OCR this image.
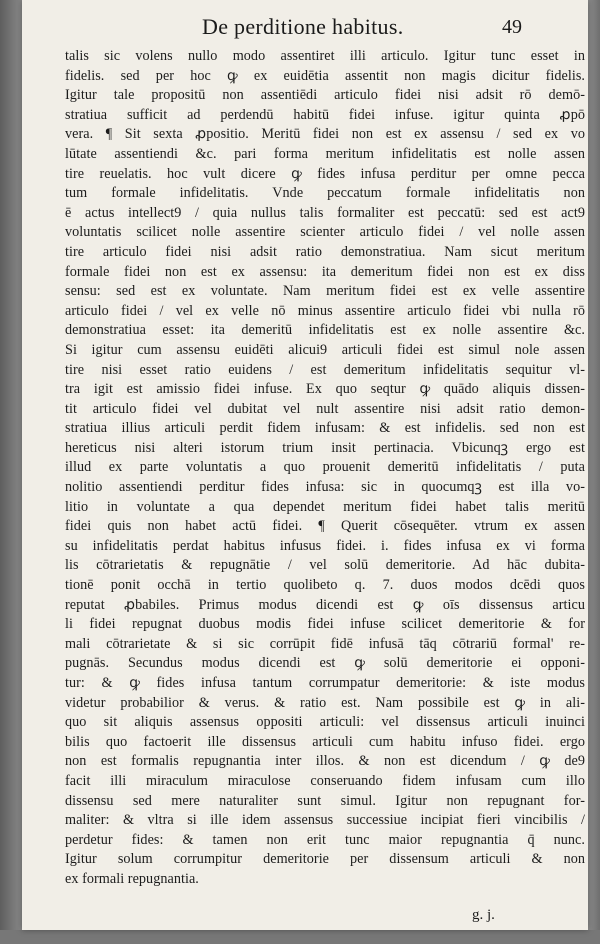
De perditione habitus.	49
talis sic volens nullo modo assentiret illi articulo. Igitur tunc esset in
fidelis. sed per hoc ꝙ ex euidētia assentit non magis dicitur fidelis.
Igitur tale propositū non assentiēdi articulo fidei nisi adsit rō demō-
stratiua sufficit ad perdendū habitū fidei infuse. igitur quinta ꝓpō
vera. ¶ Sit sexta ꝓpositio. Meritū fidei non est ex assensu / sed ex vo
lūtate assentiendi &c. pari forma meritum infidelitatis est nolle assen
tire reuelatis. hoc vult dicere ꝙ fides infusa perditur per omne pecca
tum formale infidelitatis. Vnde peccatum formale infidelitatis non
ē actus intellect9 / quia nullus talis formaliter est peccatū: sed est act9
voluntatis scilicet nolle assentire scienter articulo fidei / vel nolle assen
tire articulo fidei nisi adsit ratio demonstratiua. Nam sicut meritum
formale fidei non est ex assensu: ita demeritum fidei non est ex diss
sensu: sed est ex voluntate. Nam meritum fidei est ex velle assentire
articulo fidei / vel ex velle nō minus assentire articulo fidei vbi nulla rō
demonstratiua esset: ita demeritū infidelitatis est ex nolle assentire &c.
Si igitur cum assensu euidēti alicui9 articuli fidei est simul nole assen
tire nisi esset ratio euidens / est demeritum infidelitatis sequitur vl-
tra igit est amissio fidei infuse. Ex quo seqtur ꝙ quādo aliquis dissen-
tit articulo fidei vel dubitat vel nult assentire nisi adsit ratio demon-
stratiua illius articuli perdit fidem infusam: & est infidelis. sed non est
hereticus nisi alteri istorum trium insit pertinacia. Vbicunqꝫ ergo est
illud ex parte voluntatis a quo prouenit demeritū infidelitatis / puta
nolitio assentiendi perditur fides infusa: sic in quocumqꝫ est illa vo-
litio in voluntate a qua dependet meritum fidei habet talis meritū
fidei quis non habet actū fidei. ¶ Querit cōsequēter. vtrum ex assen
su infidelitatis perdat habitus infusus fidei. i. fides infusa ex vi forma
lis cōtrarietatis & repugnātie / vel solū demeritorie. Ad hāc dubita-
tionē ponit occhā in tertio quolibeto q. 7. duos modos dcēdi quos
reputat ꝓbabiles. Primus modus dicendi est ꝙ oīs dissensus articu
li fidei repugnat duobus modis fidei infuse scilicet demeritorie & for
mali cōtrarietate & si sic corrūpit fidē infusā tāq cōtrariū formal' re-
pugnās. Secundus modus dicendi est ꝙ solū demeritorie ei opponi-
tur: & ꝙ fides infusa tantum corrumpatur demeritorie: & iste modus
videtur probabilior & verus. & ratio est. Nam possibile est ꝙ in ali-
quo sit aliquis assensus oppositi articuli: vel dissensus articuli inuinci
bilis quo factoerit ille dissensus articuli cum habitu infuso fidei. ergo
non est formalis repugnantia inter illos. & non est dicendum / ꝙ de9
facit illi miraculum miraculose conseruando fidem infusam cum illo
dissensu sed mere naturaliter sunt simul. Igitur non repugnant for-
maliter: & vltra si ille idem assensus successiue incipiat fieri vincibilis /
perdetur fides: & tamen non erit tunc maior repugnantia q̄ nunc.
Igitur solum corrumpitur demeritorie per dissensum articuli & non
ex formali repugnantia.
g. j.
